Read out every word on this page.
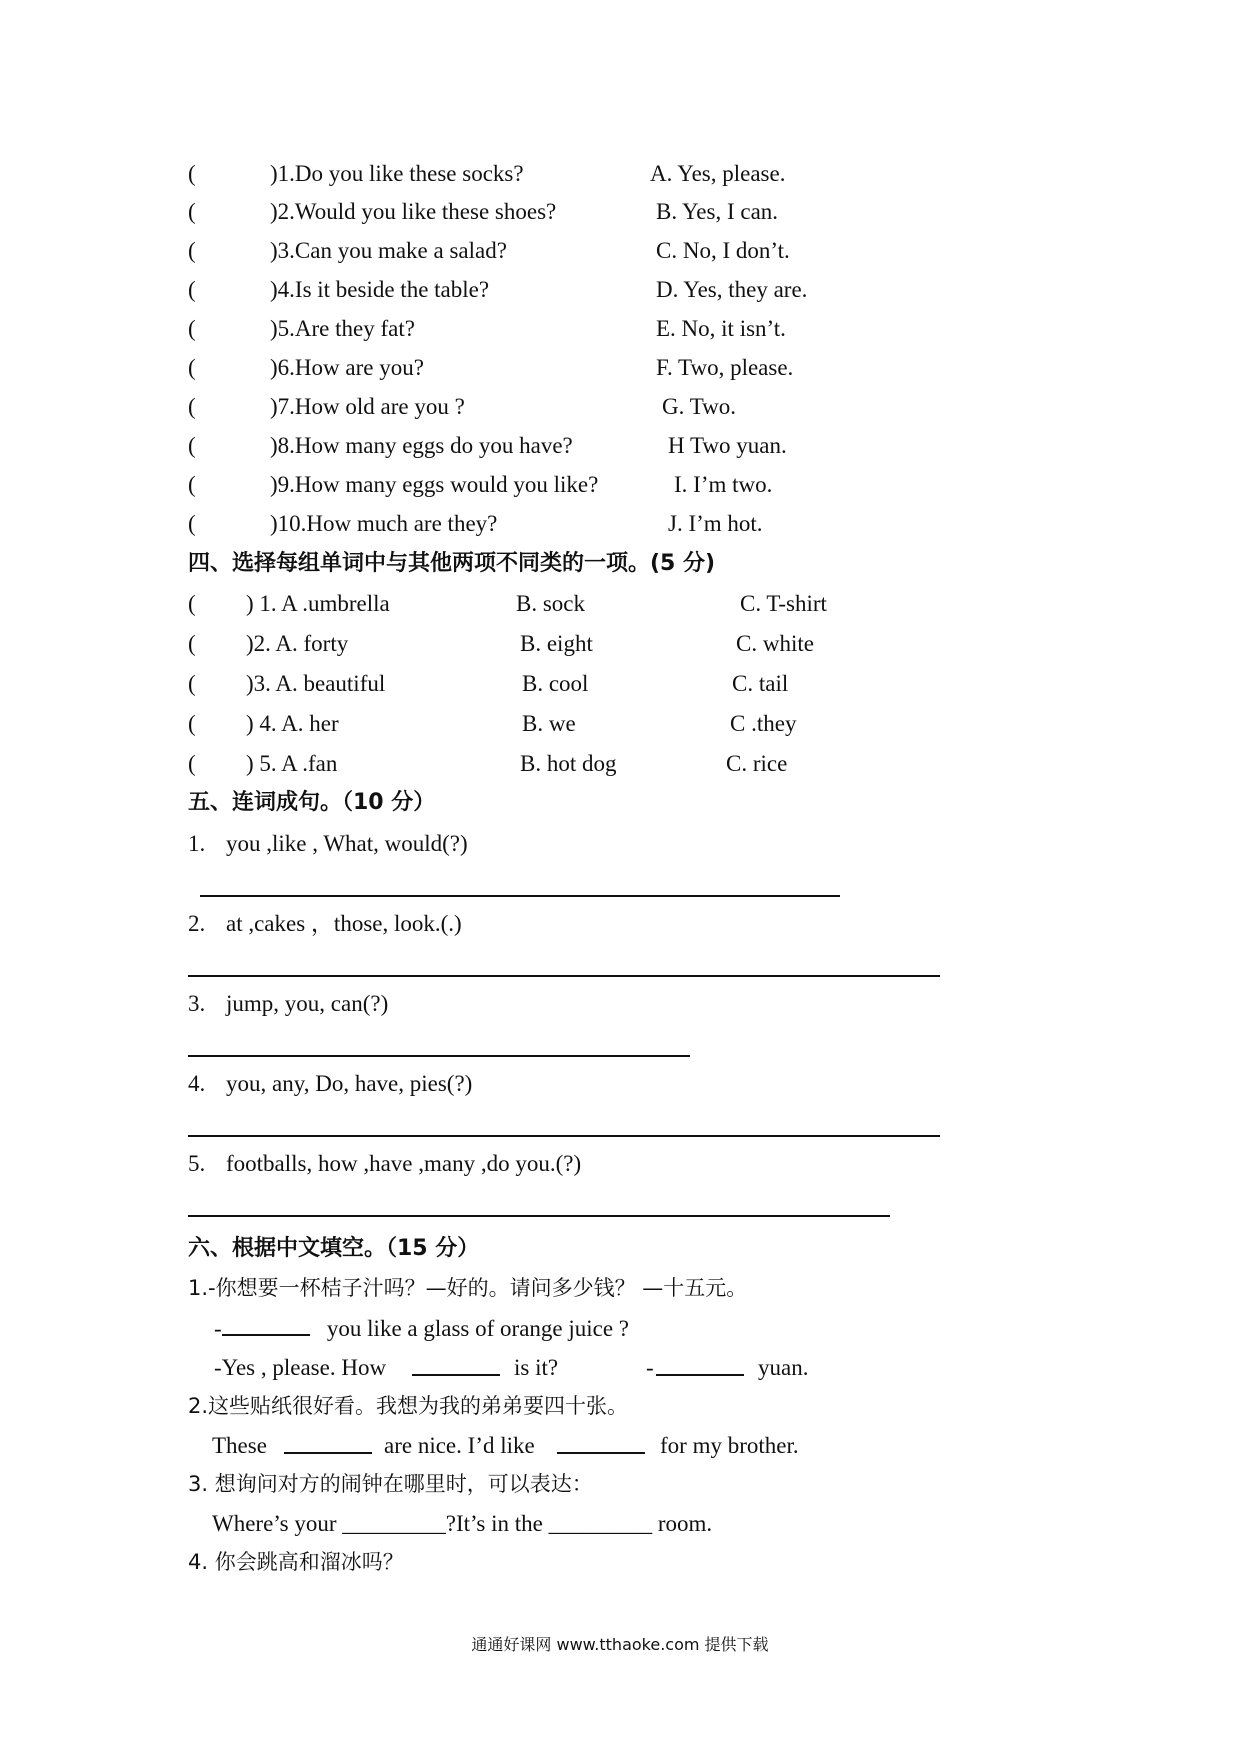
(	)1.Do you like these socks?	A. Yes, please.
(	)2.Would you like these shoes?	B. Yes, I can.
(	)3.Can you make a salad?	C. No, I don’t.
(	)4.Is it beside the table?	D. Yes, they are.
(	)5.Are they fat?	E. No, it isn’t.
(	)6.How are you?	F. Two, please.
(	)7.How old are you ?	G. Two.
(	)8.How many eggs do you have?	H Two yuan.
(	)9.How many eggs would you like?	I. I’m two.
(	)10.How much are they?	J. I’m hot.
四、选择每组单词中与其他两项不同类的一项。(5 分)
( ) 1. A .umbrella	B. sock	C. T-shirt
( )2. A. forty	B. eight	C. white
( )3. A. beautiful	B. cool	C. tail
( ) 4. A. her	B. we	C .they
( ) 5. A .fan	B. hot dog	C. rice
五、连词成句。（10 分）
1. you ,like , What, would(?)
2. at ,cakes ，those, look.(.)
3. jump, you, can(?)
4. you, any, Do, have, pies(?)
5. footballs, how ,have ,many ,do you.(?)
六、根据中文填空。（15 分）
1.-你想要一杯桔子汁吗？—好的。请问多少钱？ —十五元。
-	you like a glass of orange juice ?
-Yes , please. How	is it?	-	yuan.
2.这些贴纸很好看。我想为我的弟弟要四十张。
These	are nice. I’d like	for my brother.
3. 想询问对方的闹钟在哪里时，可以表达：
Where’s your _________?It’s in the _________ room.
4. 你会跳高和溜冰吗？
通通好课网 www.tthaoke.com 提供下载
